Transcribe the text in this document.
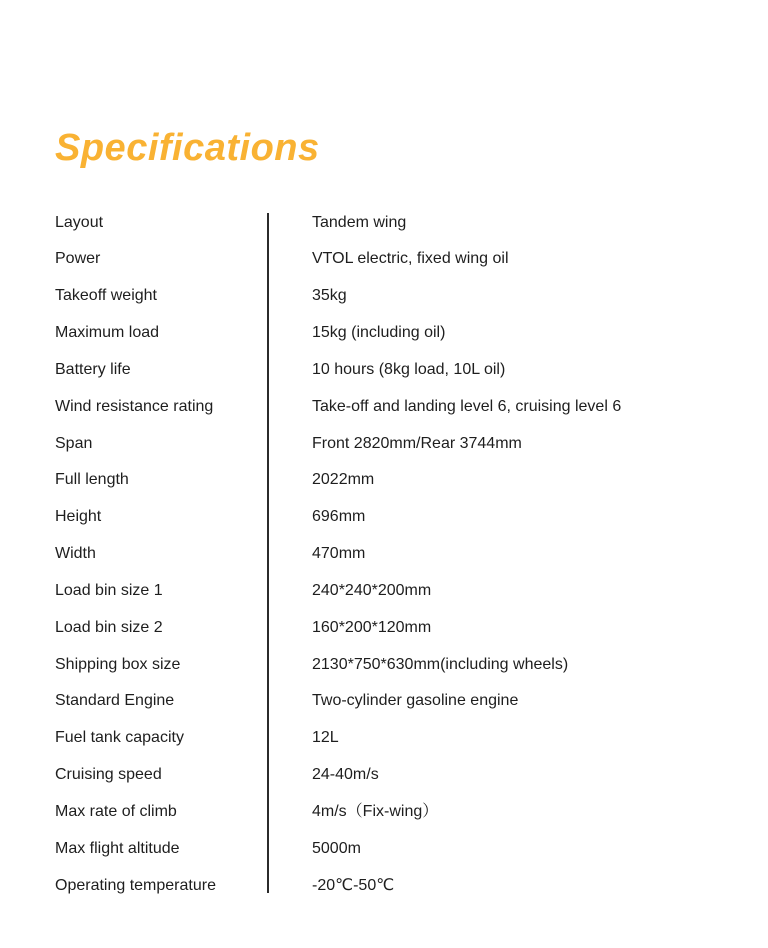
Specifications
Layout	Tandem wing
Power	VTOL electric, fixed wing oil
Takeoff weight	35kg
Maximum load	15kg (including oil)
Battery life	10 hours (8kg load, 10L oil)
Wind resistance rating	Take-off and landing level 6, cruising level 6
Span	Front 2820mm/Rear 3744mm
Full length	2022mm
Height	696mm
Width	470mm
Load bin size 1	240*240*200mm
Load bin size 2	160*200*120mm
Shipping box size	2130*750*630mm(including wheels)
Standard Engine	Two-cylinder gasoline engine
Fuel tank capacity	12L
Cruising speed	24-40m/s
Max rate of climb	4m/s（Fix-wing）
Max flight altitude	5000m
Operating temperature	-20℃-50℃
